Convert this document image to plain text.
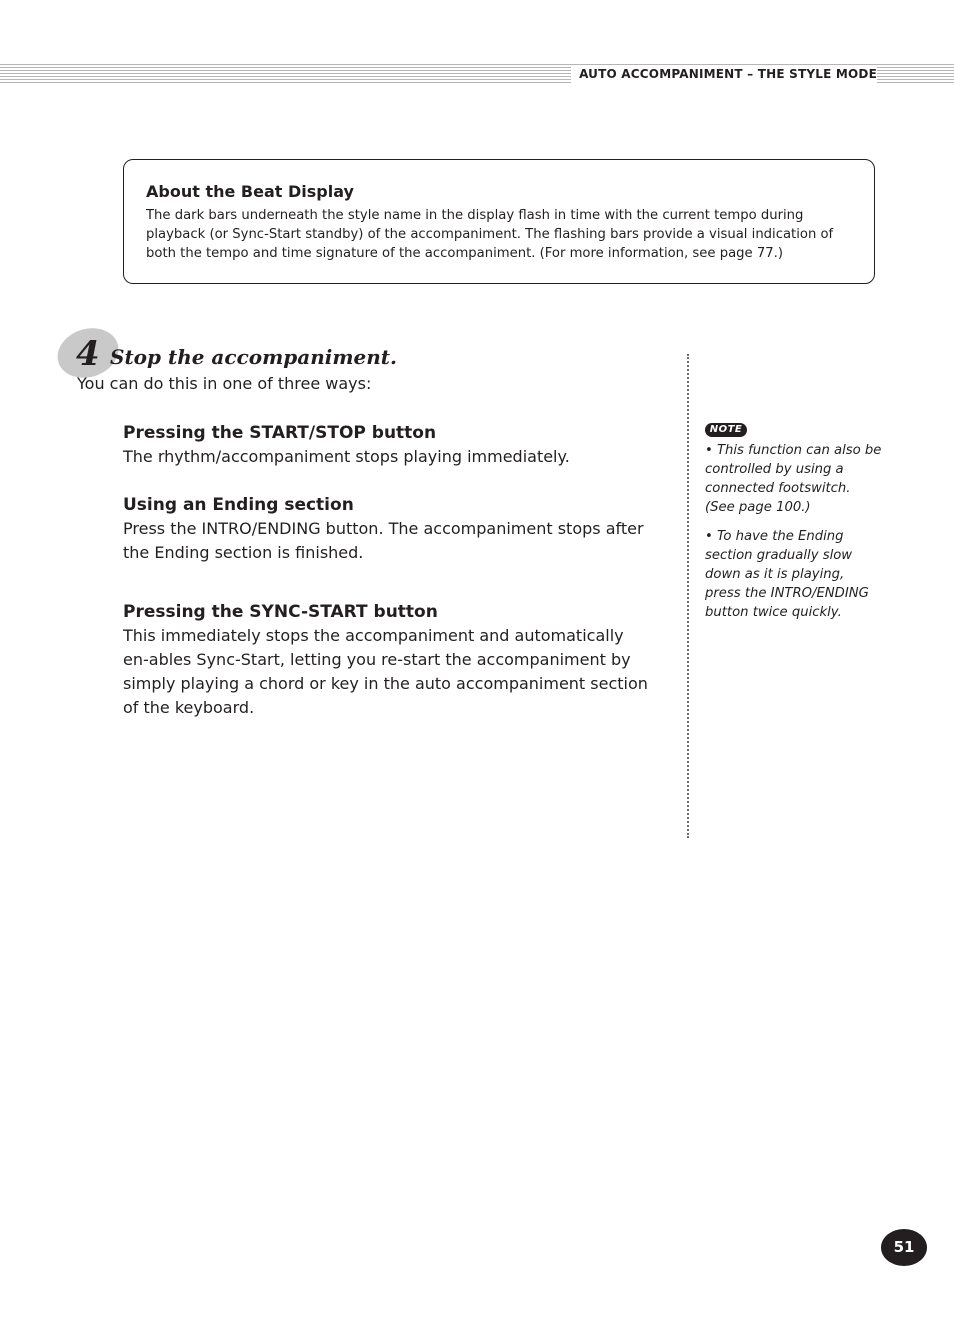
AUTO ACCOMPANIMENT – THE STYLE MODE
About the Beat Display

The dark bars underneath the style name in the display flash in time with the current tempo during playback (or Sync-Start standby) of the accompaniment. The flashing bars provide a visual indication of both the tempo and time signature of the accompaniment. (For more information, see page 77.)

4 Stop the accompaniment.
You can do this in one of three ways:
Pressing the START/STOP button

The rhythm/accompaniment stops playing immediately.

Using an Ending section

Press the INTRO/ENDING button. The accompaniment stops after the Ending section is finished.

Pressing the SYNC-START button

This immediately stops the accompaniment and automatically en-ables Sync-Start, letting you re-start the accompaniment by simply playing a chord or key in the auto accompaniment section of the keyboard.

NOTE
• This function can also be controlled by using a connected footswitch. (See page 100.)
• To have the Ending section gradually slow down as it is playing, press the INTRO/ENDING button twice quickly.
51
